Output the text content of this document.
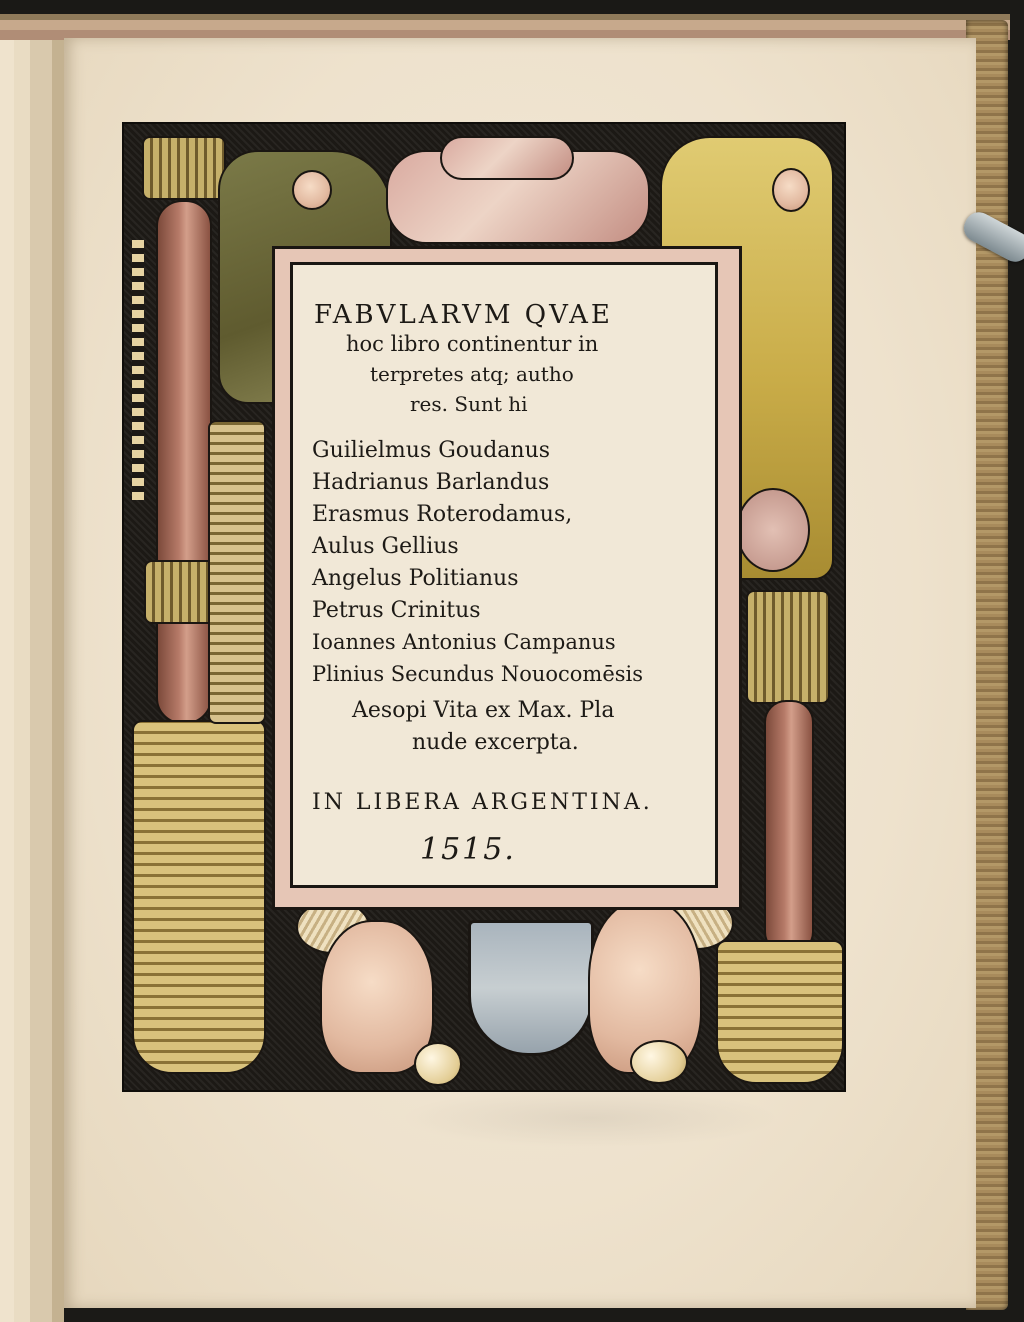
FABVLARVM QVAE
hoc libro continentur in
terpretes atq; autho
res. Sunt hi
Guilielmus Goudanus
Hadrianus Barlandus
Erasmus Roterodamus,
Aulus Gellius
Angelus Politianus
Petrus Crinitus
Ioannes Antonius Campanus
Plinius Secundus Nouocomēsis
Aesopi Vita ex Max. Pla
nude excerpta.
IN LIBERA ARGENTINA.
1515.
